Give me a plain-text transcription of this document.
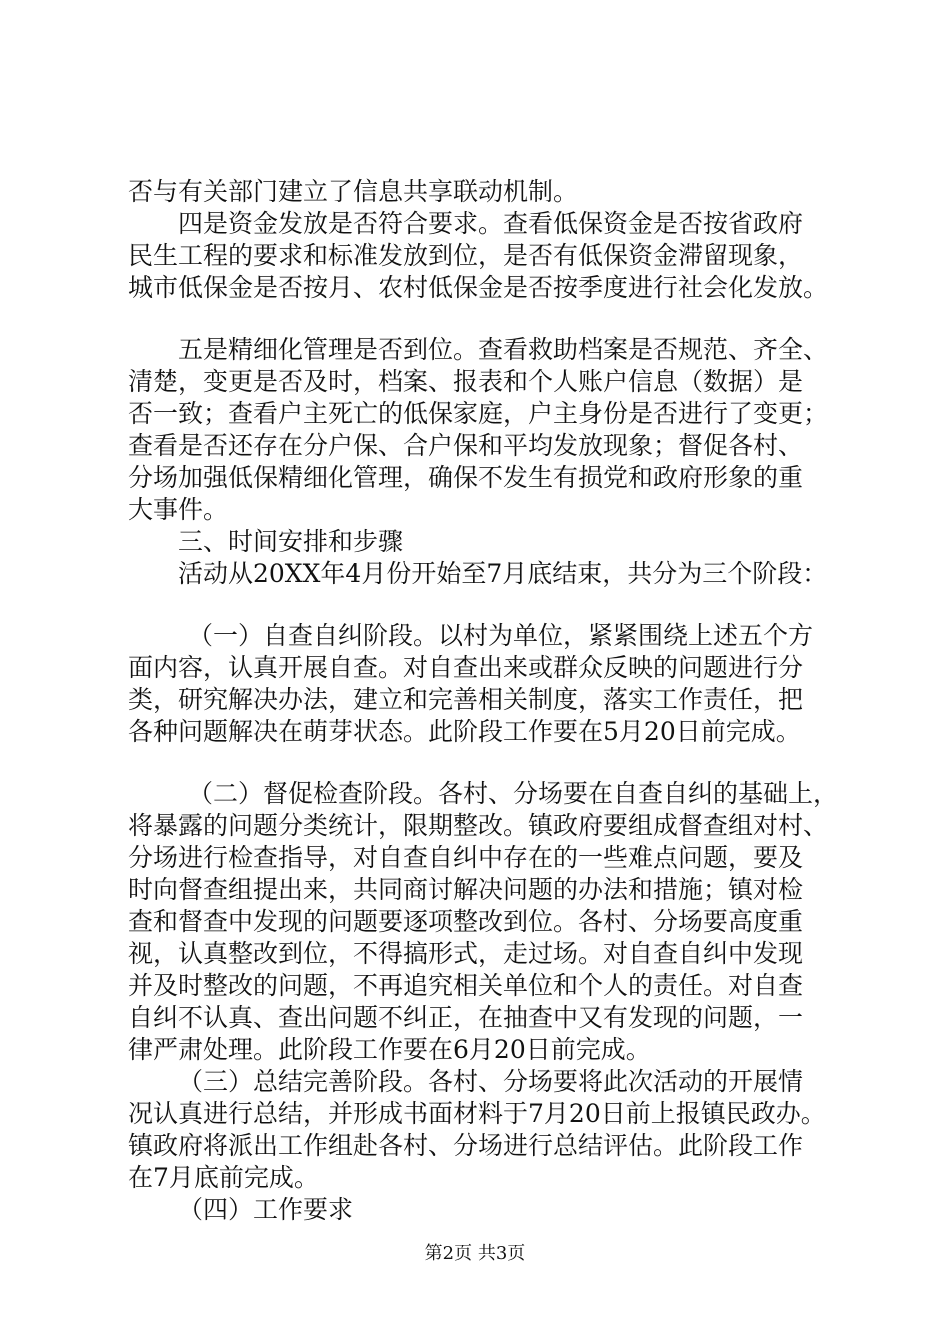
否与有关部门建立了信息共享联动机制。
四是资金发放是否符合要求。查看低保资金是否按省政府
民生工程的要求和标准发放到位，是否有低保资金滞留现象，
城市低保金是否按月、农村低保金是否按季度进行社会化发放。
五是精细化管理是否到位。查看救助档案是否规范、齐全、
清楚，变更是否及时，档案、报表和个人账户信息（数据）是
否一致；查看户主死亡的低保家庭，户主身份是否进行了变更；
查看是否还存在分户保、合户保和平均发放现象；督促各村、
分场加强低保精细化管理，确保不发生有损党和政府形象的重
大事件。
三、时间安排和步骤
活动从20XX年4月份开始至7月底结束，共分为三个阶段：
（一）自查自纠阶段。以村为单位，紧紧围绕上述五个方
面内容，认真开展自查。对自查出来或群众反映的问题进行分
类，研究解决办法，建立和完善相关制度，落实工作责任，把
各种问题解决在萌芽状态。此阶段工作要在5月20日前完成。
（二）督促检查阶段。各村、分场要在自查自纠的基础上，
将暴露的问题分类统计，限期整改。镇政府要组成督查组对村、
分场进行检查指导，对自查自纠中存在的一些难点问题，要及
时向督查组提出来，共同商讨解决问题的办法和措施；镇对检
查和督查中发现的问题要逐项整改到位。各村、分场要高度重
视，认真整改到位，不得搞形式，走过场。对自查自纠中发现
并及时整改的问题，不再追究相关单位和个人的责任。对自查
自纠不认真、查出问题不纠正，在抽查中又有发现的问题，一
律严肃处理。此阶段工作要在6月20日前完成。
（三）总结完善阶段。各村、分场要将此次活动的开展情
况认真进行总结，并形成书面材料于7月20日前上报镇民政办。
镇政府将派出工作组赴各村、分场进行总结评估。此阶段工作
在7月底前完成。
（四）工作要求
第2页 共3页
